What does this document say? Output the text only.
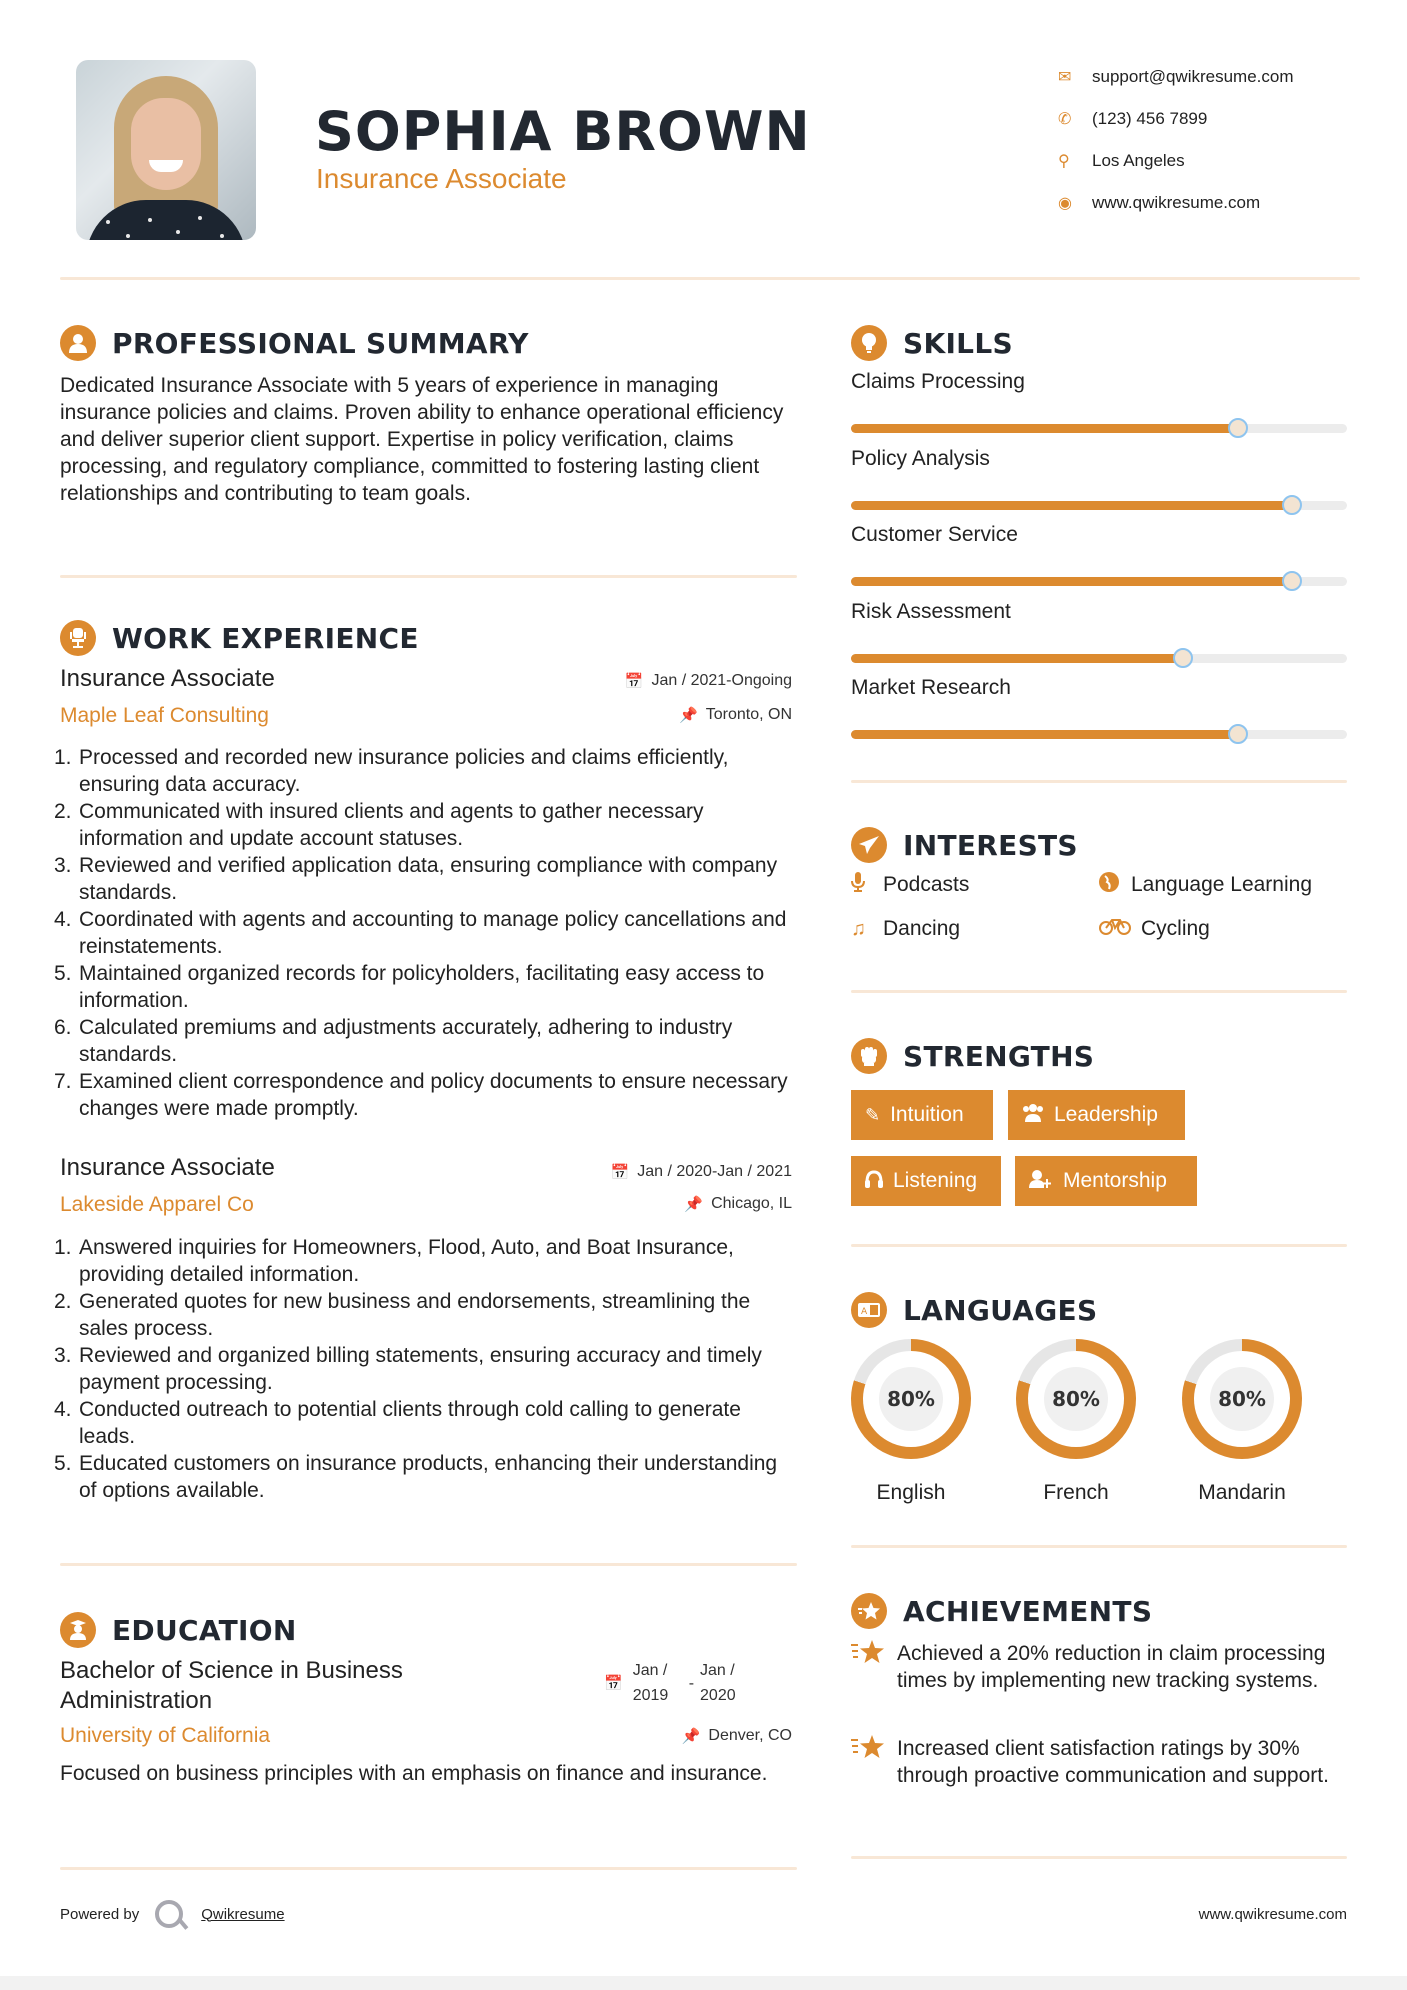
SOPHIA BROWN
Insurance Associate
✉	support@qwikresume.com
✆	(123) 456 7899
⚲	Los Angeles
◉	www.qwikresume.com
PROFESSIONAL SUMMARY
Dedicated Insurance Associate with 5 years of experience in managing insurance policies and claims. Proven ability to enhance operational efficiency and deliver superior client support. Expertise in policy verification, claims processing, and regulatory compliance, committed to fostering lasting client relationships and contributing to team goals.
WORK EXPERIENCE
Insurance Associate
Maple Leaf Consulting
📅 Jan / 2021-Ongoing
📌 Toronto, ON
1. Processed and recorded new insurance policies and claims efficiently, ensuring data accuracy.
2. Communicated with insured clients and agents to gather necessary information and update account statuses.
3. Reviewed and verified application data, ensuring compliance with company standards.
4. Coordinated with agents and accounting to manage policy cancellations and reinstatements.
5. Maintained organized records for policyholders, facilitating easy access to information.
6. Calculated premiums and adjustments accurately, adhering to industry standards.
7. Examined client correspondence and policy documents to ensure necessary changes were made promptly.
Insurance Associate
Lakeside Apparel Co
📅 Jan / 2020-Jan / 2021
📌 Chicago, IL
1. Answered inquiries for Homeowners, Flood, Auto, and Boat Insurance, providing detailed information.
2. Generated quotes for new business and endorsements, streamlining the sales process.
3. Reviewed and organized billing statements, ensuring accuracy and timely payment processing.
4. Conducted outreach to potential clients through cold calling to generate leads.
5. Educated customers on insurance products, enhancing their understanding of options available.
EDUCATION
Bachelor of Science in Business Administration
📅
Jan / 2019
-
Jan / 2020
University of California	📌 Denver, CO
Focused on business principles with an emphasis on finance and insurance.
SKILLS
Claims Processing
Policy Analysis
Customer Service
Risk Assessment
Market Research
INTERESTS
Podcasts	Language Learning
♫ Dancing	Cycling
STRENGTHS
✎ Intuition	Leadership
Listening	Mentorship
A LANGUAGES
80%
English
80%
French
80%
Mandarin
ACHIEVEMENTS
Achieved a 20% reduction in claim processing times by implementing new tracking systems.
Increased client satisfaction ratings by 30% through proactive communication and support.
Powered by	Qwikresume	www.qwikresume.com
